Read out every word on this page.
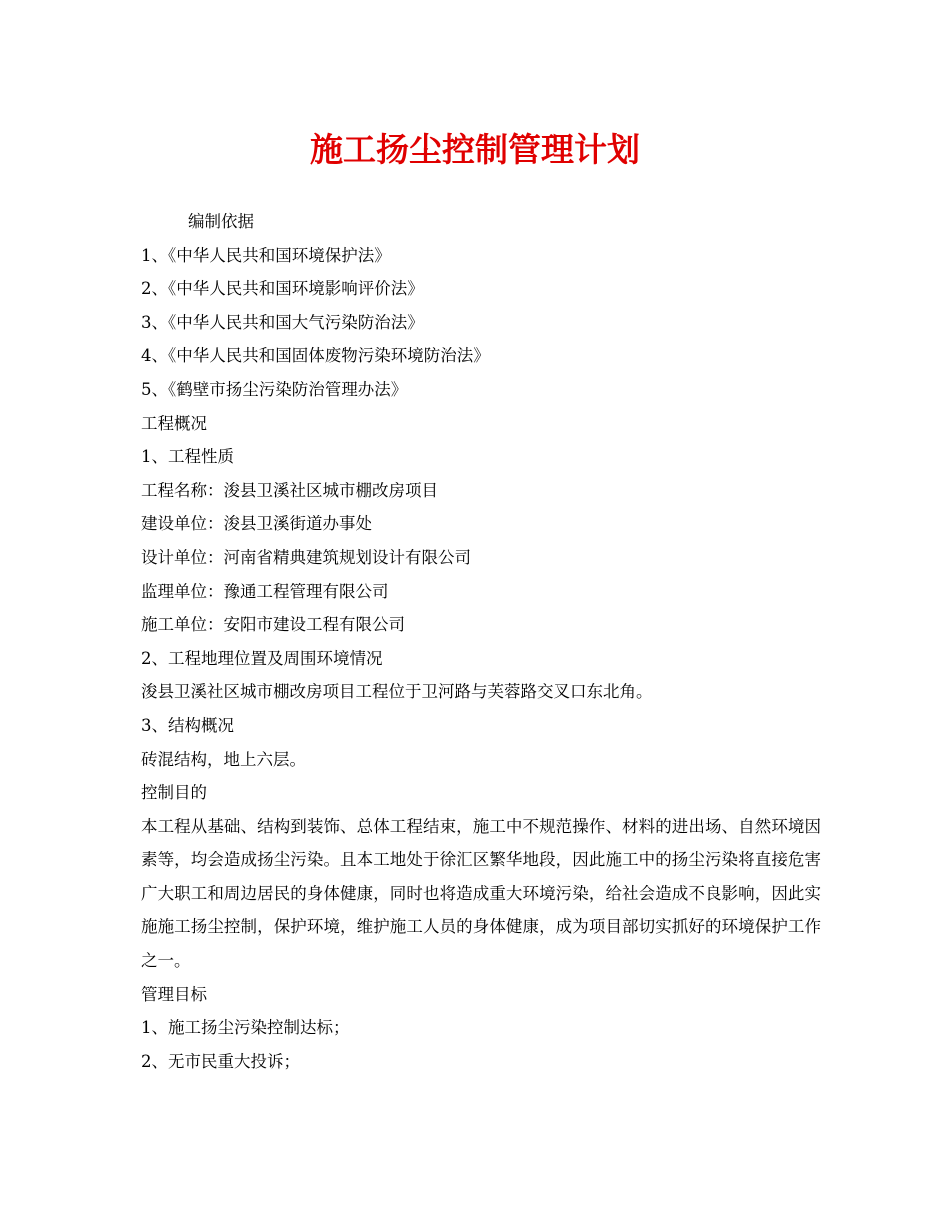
施工扬尘控制管理计划

编制依据

1、《中华人民共和国环境保护法》

2、《中华人民共和国环境影响评价法》

3、《中华人民共和国大气污染防治法》

4、《中华人民共和国固体废物污染环境防治法》

5、《鹤壁市扬尘污染防治管理办法》

工程概况

1、工程性质

工程名称：浚县卫溪社区城市棚改房项目

建设单位：浚县卫溪街道办事处

设计单位：河南省精典建筑规划设计有限公司

监理单位：豫通工程管理有限公司

施工单位：安阳市建设工程有限公司

2、工程地理位置及周围环境情况

浚县卫溪社区城市棚改房项目工程位于卫河路与芙蓉路交叉口东北角。

3、结构概况

砖混结构，地上六层。

控制目的

本工程从基础、结构到装饰、总体工程结束，施工中不规范操作、材料的进出场、自然环境因素等，均会造成扬尘污染。且本工地处于徐汇区繁华地段，因此施工中的扬尘污染将直接危害广大职工和周边居民的身体健康，同时也将造成重大环境污染，给社会造成不良影响，因此实施施工扬尘控制，保护环境，维护施工人员的身体健康，成为项目部切实抓好的环境保护工作之一。

管理目标

1、施工扬尘污染控制达标；

2、无市民重大投诉；
